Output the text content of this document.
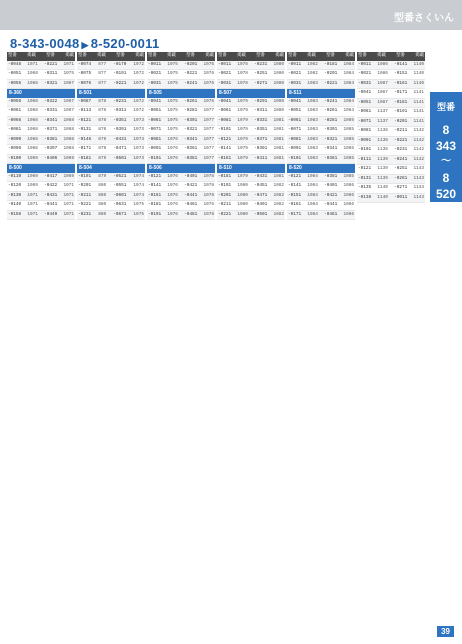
型番さくいん
8-343-0048 ▶ 8-520-0011
型番 掲載 型番 掲載
-0048 1071 -0221 1071
-0051 1068 -0311 1075
-0055 1068 -0321 1067
8-360
-0056 1068 -0322 1067
-0061 1068 -0331 1067
-0066 1068 -0341 1068
-0081 1068 -0371 1068
-0090 1068 -0381 1068
-0096 1068 -0397 1068
-0100 1069 -0406 1069
8-500
-0110 1069 -0417 1069
-0120 1069 -0422 1071
-0130 1071 -0431 1071
-0140 1071 -0441 1071
-0156 1071 -0449 1071
型番 掲載 型番 掲載
-0074 877 -0170 1072
-0075 877 -0191 1072
-0076 877 -0221 1072
8-501
-0087 878 -0231 1072
-0113 878 -0311 1072
-0121 878 -0351 1073
-0131 878 -0391 1073
-0146 879 -0431 1073
-0171 879 -0471 1073
-0181 879 -0501 1073
8-504
-0191 879 -0521 1074
-0201 880 -0551 1074
-0211 880 -0601 1074
-0221 880 -0631 1075
-0231 880 -0671 1075
型番 掲載 型番 掲載
-0011 1075 -0201 1076
-0021 1075 -0221 1076
-0031 1075 -0241 1076
8-505
-0041 1075 -0261 1076
-0051 1075 -0281 1077
-0061 1075 -0301 1077
-0071 1075 -0321 1077
-0081 1076 -0341 1077
-0091 1076 -0361 1077
-0101 1076 -0381 1077
8-506
-0121 1076 -0401 1078
-0141 1076 -0421 1078
-0161 1076 -0441 1078
-0181 1076 -0461 1078
-0191 1076 -0481 1078
型番 掲載 型番 掲載
-0011 1078 -0231 1080
-0021 1078 -0251 1080
-0031 1078 -0271 1080
8-507
-0041 1079 -0291 1080
-0061 1079 -0311 1080
-0081 1079 -0331 1081
-0101 1079 -0351 1081
-0121 1079 -0371 1081
-0141 1079 -0391 1081
-0161 1079 -0411 1081
8-510
-0181 1079 -0431 1081
-0191 1080 -0451 1082
-0201 1080 -0471 1082
-0211 1080 -0491 1082
-0221 1080 -0501 1082
型番 掲載 型番 掲載
-0011 1082 -0181 1084
-0021 1082 -0201 1084
-0031 1083 -0221 1084
8-511
-0041 1083 -0241 1084
-0051 1083 -0261 1084
-0061 1083 -0281 1085
-0071 1083 -0301 1085
-0081 1083 -0321 1085
-0091 1083 -0341 1085
-0101 1083 -0361 1085
8-520
-0121 1084 -0381 1085
-0141 1084 -0401 1086
-0151 1084 -0421 1086
-0161 1084 -0441 1086
-0171 1084 -0461 1086
型番 掲載 型番 掲載
-0011 1086 -0141 1140
-0021 1086 -0151 1140
-0031 1087 -0161 1140
-0041 1087 -0171 1141
-0051 1087 -0181 1141
-0061 1137 -0191 1141
-0071 1137 -0201 1141
-0081 1138 -0211 1142
-0091 1138 -0221 1142
-0101 1138 -0231 1142
-0111 1139 -0241 1142
-0121 1139 -0251 1143
-0131 1139 -0261 1143
-0135 1140 -0271 1143
-0138 1140 -0011 1143
型番
8
343
〜
8
520
39
